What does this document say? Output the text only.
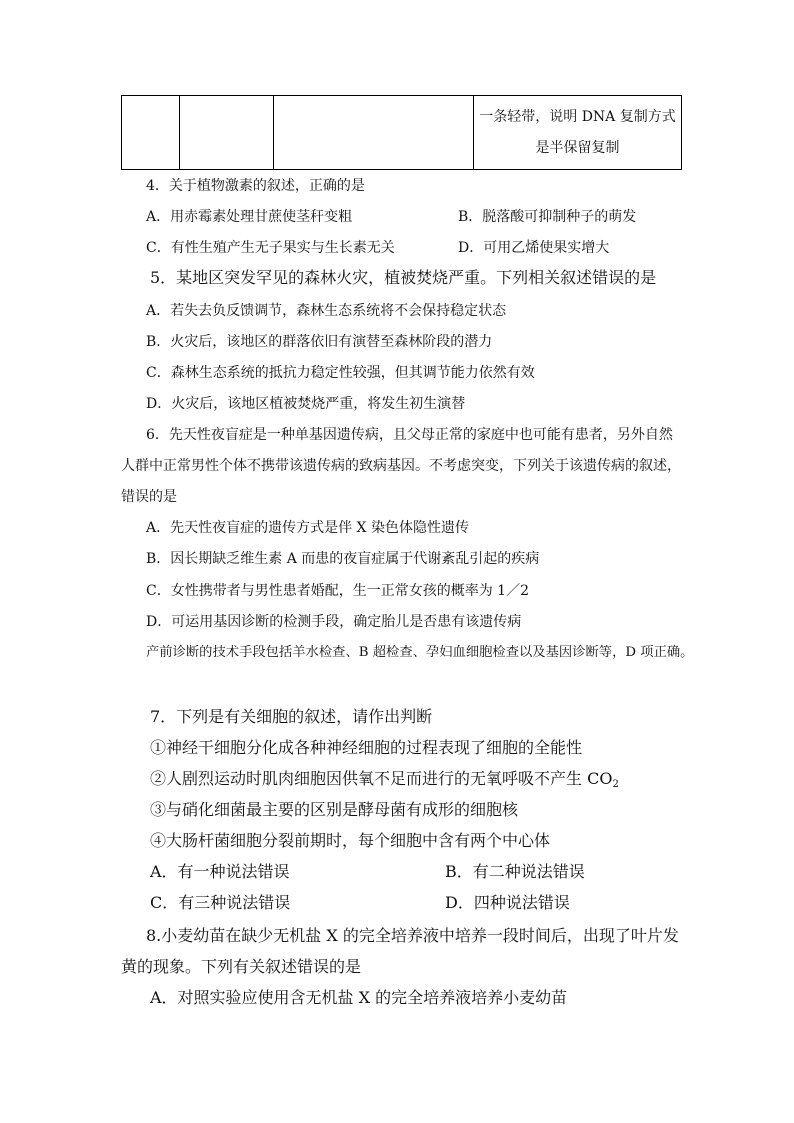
一条轻带，说明 DNA 复制方式
是半保留复制
4．关于植物激素的叙述，正确的是
A．用赤霉素处理甘蔗使茎秆变粗	B．脱落酸可抑制种子的萌发
C．有性生殖产生无子果实与生长素无关	D．可用乙烯使果实增大
5．某地区突发罕见的森林火灾，植被焚烧严重。下列相关叙述错误的是
A．若失去负反馈调节，森林生态系统将不会保持稳定状态
B．火灾后，该地区的群落依旧有演替至森林阶段的潜力
C．森林生态系统的抵抗力稳定性较强，但其调节能力依然有效
D．火灾后，该地区植被焚烧严重，将发生初生演替
6．先天性夜盲症是一种单基因遗传病，且父母正常的家庭中也可能有患者，另外自然
人群中正常男性个体不携带该遗传病的致病基因。不考虑突变，下列关于该遗传病的叙述，
错误的是
A．先天性夜盲症的遗传方式是伴 X 染色体隐性遗传
B．因长期缺乏维生素 A 而患的夜盲症属于代谢紊乱引起的疾病
C．女性携带者与男性患者婚配，生一正常女孩的概率为 1／2
D．可运用基因诊断的检测手段，确定胎儿是否患有该遗传病
产前诊断的技术手段包括羊水检查、B 超检查、孕妇血细胞检查以及基因诊断等，D 项正确。
7．下列是有关细胞的叙述，请作出判断
①神经干细胞分化成各种神经细胞的过程表现了细胞的全能性
②人剧烈运动时肌肉细胞因供氧不足而进行的无氧呼吸不产生 $CO_2$
③与硝化细菌最主要的区别是酵母菌有成形的细胞核
④大肠杆菌细胞分裂前期时，每个细胞中含有两个中心体
A．有一种说法错误	B．有二种说法错误
C．有三种说法错误	D．四种说法错误
8.小麦幼苗在缺少无机盐 X 的完全培养液中培养一段时间后，出现了叶片发
黄的现象。下列有关叙述错误的是
A．对照实验应使用含无机盐 X 的完全培养液培养小麦幼苗
